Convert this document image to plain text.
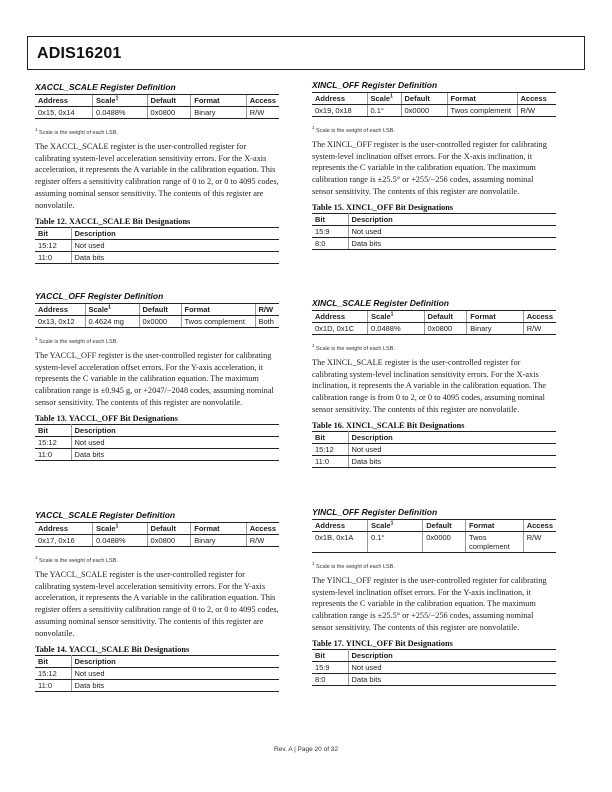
ADIS16201
XACCL_SCALE Register Definition
Address	Scale$^1$	Default	Format	Access
0x15, 0x14	0.0488%	0x0800	Binary	R/W
$^1$ Scale is the weight of each LSB.

The XACCL_SCALE register is the user-controlled register for calibrating system-level acceleration sensitivity errors. For the X-axis acceleration, it represents the A variable in the calibration equation. This register offers a sensitivity calibration range of 0 to 2, or 0 to 4095 codes, assuming nominal sensor sensitivity. The contents of this register are nonvolatile.

Table 12. XACCL_SCALE Bit Designations
Bit	Description
15:12	Not used
11:0	Data bits
YACCL_OFF Register Definition
Address	Scale$^1$	Default	Format	R/W
0x13, 0x12	0.4624 mg	0x0000	Twos complement	Both
$^1$ Scale is the weight of each LSB.

The YACCL_OFF register is the user-controlled register for calibrating system-level acceleration offset errors. For the Y-axis acceleration, it represents the C variable in the calibration equation. The maximum calibration range is ±0.945 g, or +2047/−2048 codes, assuming nominal sensor sensitivity. The contents of this register are nonvolatile.

Table 13. YACCL_OFF Bit Designations
Bit	Description
15:12	Not used
11:0	Data bits
YACCL_SCALE Register Definition
Address	Scale$^1$	Default	Format	Access
0x17, 0x16	0.0488%	0x0800	Binary	R/W
$^1$ Scale is the weight of each LSB.

The YACCL_SCALE register is the user-controlled register for calibrating system-level acceleration sensitivity errors. For the Y-axis acceleration, it represents the A variable in the calibration equation. This register offers a sensitivity calibration range of 0 to 2, or 0 to 4095 codes, assuming nominal sensor sensitivity. The contents of this register are nonvolatile.

Table 14. YACCL_SCALE Bit Designations
Bit	Description
15:12	Not used
11:0	Data bits
XINCL_OFF Register Definition
Address	Scale$^1$	Default	Format	Access
0x19, 0x18	0.1°	0x0000	Twos complement	R/W
$^1$ Scale is the weight of each LSB.

The XINCL_OFF register is the user-controlled register for calibrating system-level inclination offset errors. For the X-axis inclination, it represents the C variable in the calibration equation. The maximum calibration range is ±25.5° or +255/−256 codes, assuming nominal sensor sensitivity. The contents of this register are nonvolatile.

Table 15. XINCL_OFF Bit Designations
Bit	Description
15:9	Not used
8:0	Data bits
XINCL_SCALE Register Definition
Address	Scale$^1$	Default	Format	Access
0x1D, 0x1C	0.0488%	0x0800	Binary	R/W
$^1$ Scale is the weight of each LSB.

The XINCL_SCALE register is the user-controlled register for calibrating system-level inclination sensitivity errors. For the X-axis inclination, it represents the A variable in the calibration equation. The calibration range is from 0 to 2, or 0 to 4095 codes, assuming nominal sensor sensitivity. The contents of this register are nonvolatile.

Table 16. XINCL_SCALE Bit Designations
Bit	Description
15:12	Not used
11:0	Data bits
YINCL_OFF Register Definition
Address	Scale$^1$	Default	Format	Access
0x1B, 0x1A	0.1°	0x0000	Twos complement	R/W
$^1$ Scale is the weight of each LSB.

The YINCL_OFF register is the user-controlled register for calibrating system-level inclination offset errors. For the Y-axis inclination, it represents the C variable in the calibration equation. The maximum calibration range is ±25.5° or +255/−256 codes, assuming nominal sensor sensitivity. The contents of this register are nonvolatile.

Table 17. YINCL_OFF Bit Designations
Bit	Description
15:9	Not used
8:0	Data bits
Rev. A | Page 20 of 32
